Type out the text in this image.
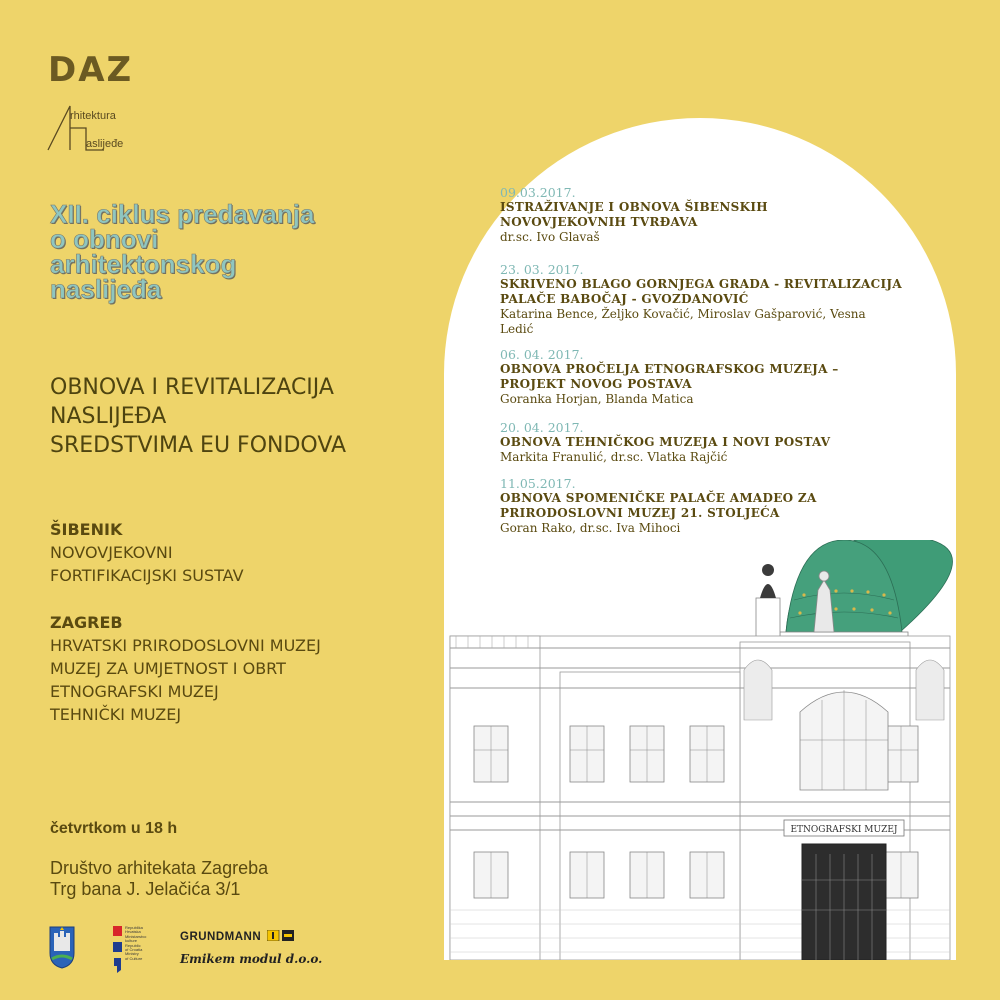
DAZ
rhitektura
aslijeđe
XII. ciklus predavanja
o obnovi
arhitektonskog
naslijeđa
OBNOVA I REVITALIZACIJA
NASLIJEĐA
SREDSTVIMA EU FONDOVA
ŠIBENIK
NOVOVJEKOVNI
FORTIFIKACIJSKI SUSTAV
ZAGREB
HRVATSKI PRIRODOSLOVNI MUZEJ
MUZEJ ZA UMJETNOST I OBRT
ETNOGRAFSKI MUZEJ
TEHNIČKI MUZEJ
četvrtkom u 18 h
Društvo arhitekata Zagreba
Trg bana J. Jelačića 3/1
Republika
Hrvatska
Ministarstvo
kulture
Republic
of Croatia
Ministry
of Culture
GRUNDMANN
Emikem modul d.o.o.
09.03.2017.
ISTRAŽIVANJE I OBNOVA ŠIBENSKIH
NOVOVJEKOVNIH TVRĐAVA
dr.sc. Ivo Glavaš
23. 03. 2017.
SKRIVENO BLAGO GORNJEGA GRADA - REVITALIZACIJA
PALAČE BABOČAJ - GVOZDANOVIĆ
Katarina Bence, Željko Kovačić, Miroslav Gašparović, Vesna
Ledić
06. 04. 2017.
OBNOVA PROČELJA ETNOGRAFSKOG MUZEJA –
PROJEKT NOVOG POSTAVA
Goranka Horjan, Blanda Matica
20. 04. 2017.
OBNOVA TEHNIČKOG MUZEJA I NOVI POSTAV
Markita Franulić, dr.sc. Vlatka Rajčić
11.05.2017.
OBNOVA SPOMENIČKE PALAČE AMADEO ZA
PRIRODOSLOVNI MUZEJ 21. STOLJEĆA
Goran Rako, dr.sc. Iva Mihoci
ETNOGRAFSKI MUZEJ
